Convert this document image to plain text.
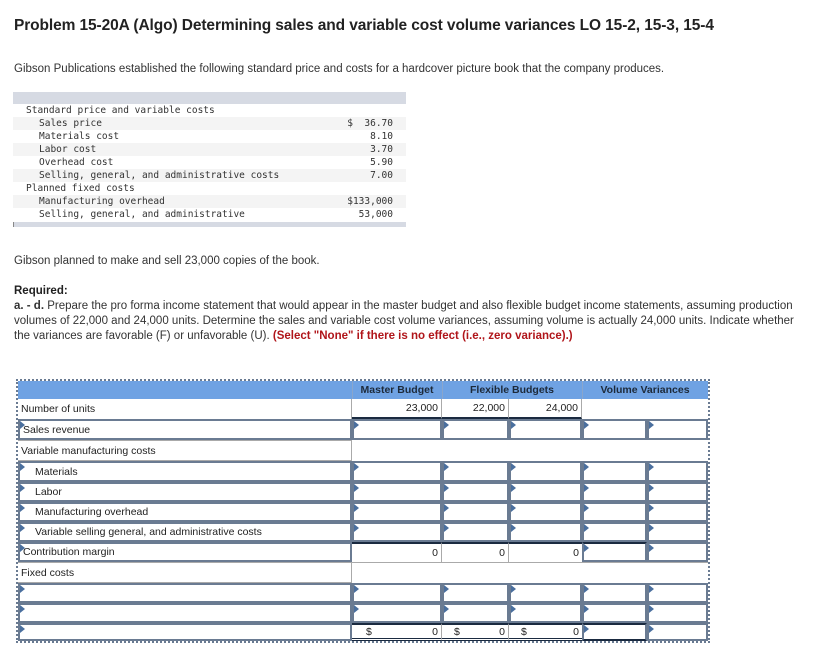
Problem 15-20A (Algo) Determining sales and variable cost volume variances LO 15-2, 15-3, 15-4
Gibson Publications established the following standard price and costs for a hardcover picture book that the company produces.
Standard price and variable costs
Sales price	$  36.70
Materials cost	8.10
Labor cost	3.70
Overhead cost	5.90
Selling, general, and administrative costs	7.00
Planned fixed costs
Manufacturing overhead	$133,000
Selling, general, and administrative	53,000
Gibson planned to make and sell 23,000 copies of the book.
Required:
a. - d. Prepare the pro forma income statement that would appear in the master budget and also flexible budget income statements, assuming production volumes of 22,000 and 24,000 units. Determine the sales and variable cost volume variances, assuming volume is actually 24,000 units. Indicate whether the variances are favorable (F) or unfavorable (U). (Select "None" if there is no effect (i.e., zero variance).)
Master Budget	Flexible Budgets	Volume Variances
Number of units	23,000	22,000	24,000
Sales revenue
Variable manufacturing costs
Materials
Labor
Manufacturing overhead
Variable selling general, and administrative costs
Contribution margin	0	0	0
Fixed costs
$	0 $	0 $	0
